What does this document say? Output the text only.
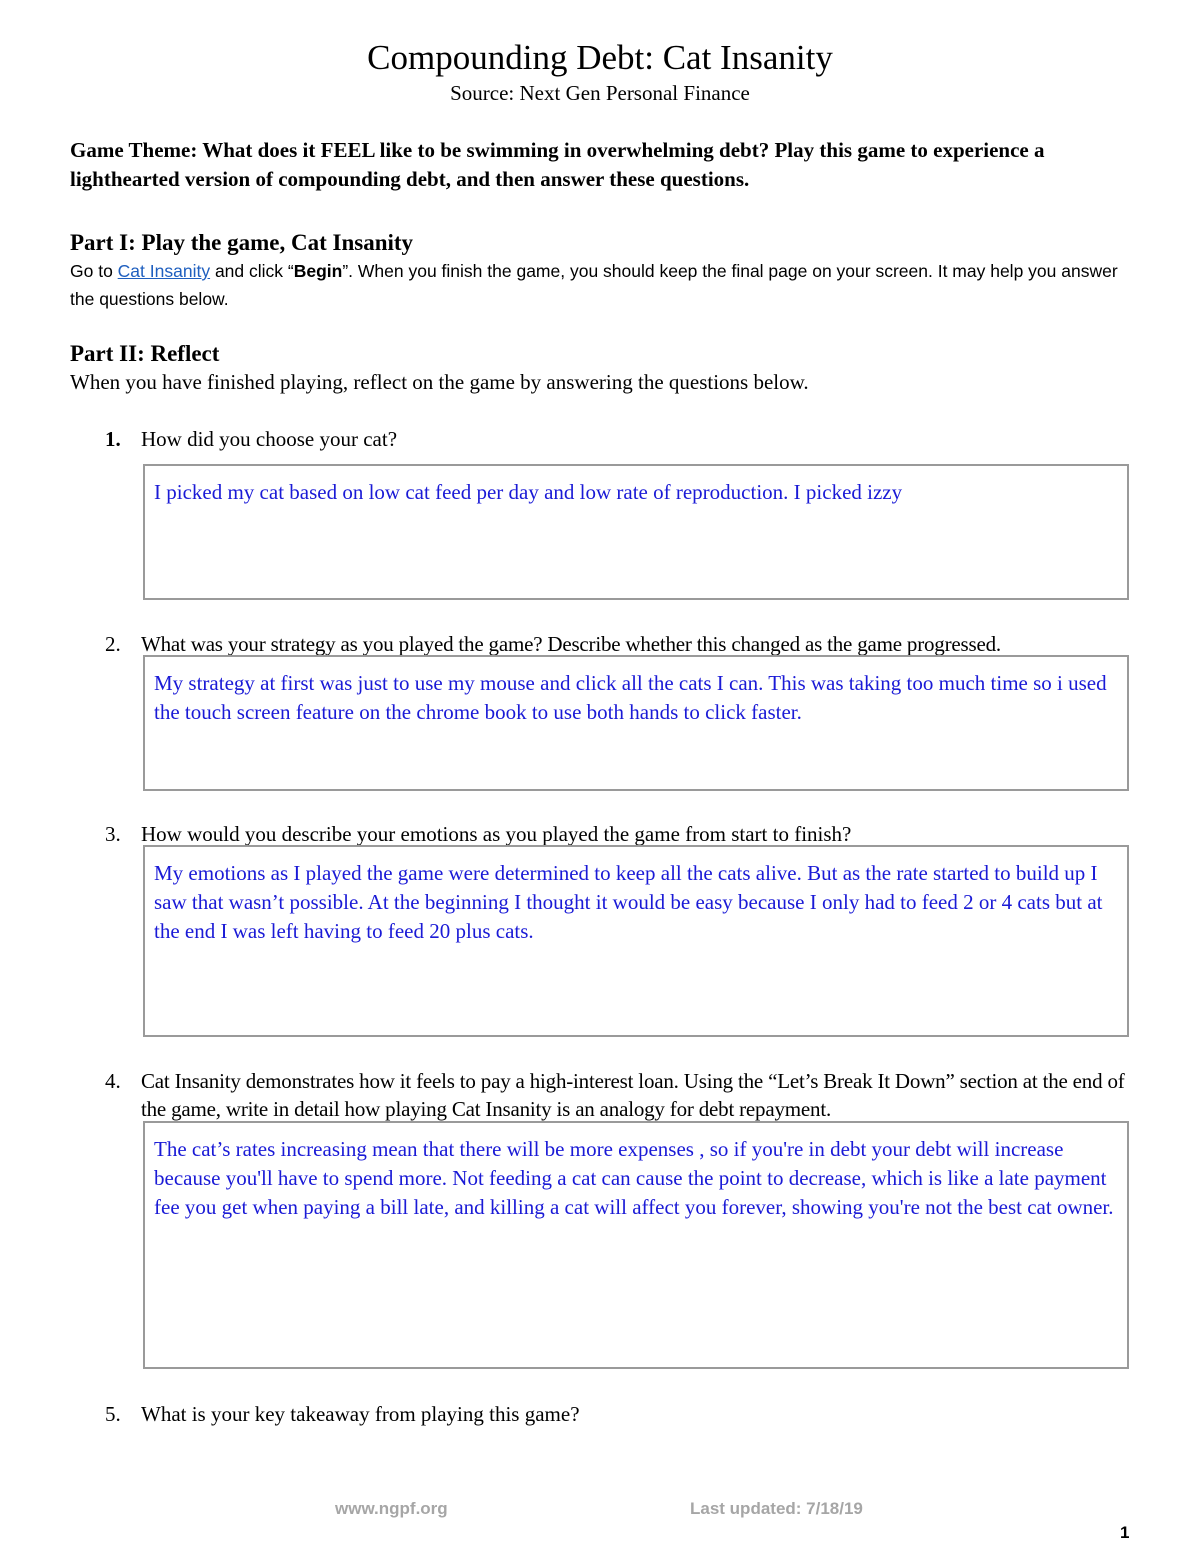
Compounding Debt: Cat Insanity
Source: Next Gen Personal Finance
Game Theme: What does it FEEL like to be swimming in overwhelming debt? Play this game to experience a lighthearted version of compounding debt, and then answer these questions.
Part I: Play the game, Cat Insanity
Go to Cat Insanity and click “Begin”. When you finish the game, you should keep the final page on your screen. It may help you answer the questions below.
Part II: Reflect
When you have finished playing, reflect on the game by answering the questions below.
1. How did you choose your cat?
I picked my cat based on low cat feed per day and low rate of reproduction. I picked izzy
2. What was your strategy as you played the game? Describe whether this changed as the game progressed.
My strategy at first was just to use my mouse and click all the cats I can. This was taking too much time so i used the touch screen feature on the chrome book to use both hands to click faster.
3. How would you describe your emotions as you played the game from start to finish?
My emotions as I played the game were determined to keep all the cats alive. But as the rate started to build up I saw that wasn’t possible. At the beginning I thought it would be easy because I only had to feed 2 or 4 cats but at the end I was left having to feed 20 plus cats.
4. Cat Insanity demonstrates how it feels to pay a high-interest loan. Using the “Let’s Break It Down” section at the end of the game, write in detail how playing Cat Insanity is an analogy for debt repayment.
The cat’s rates increasing mean that there will be more expenses , so if you're in debt your debt will increase because you'll have to spend more. Not feeding a cat can cause the point to decrease, which is like a late payment fee you get when paying a bill late, and killing a cat will affect you forever, showing you're not the best cat owner.
5. What is your key takeaway from playing this game?
www.ngpf.org	Last updated: 7/18/19
1
